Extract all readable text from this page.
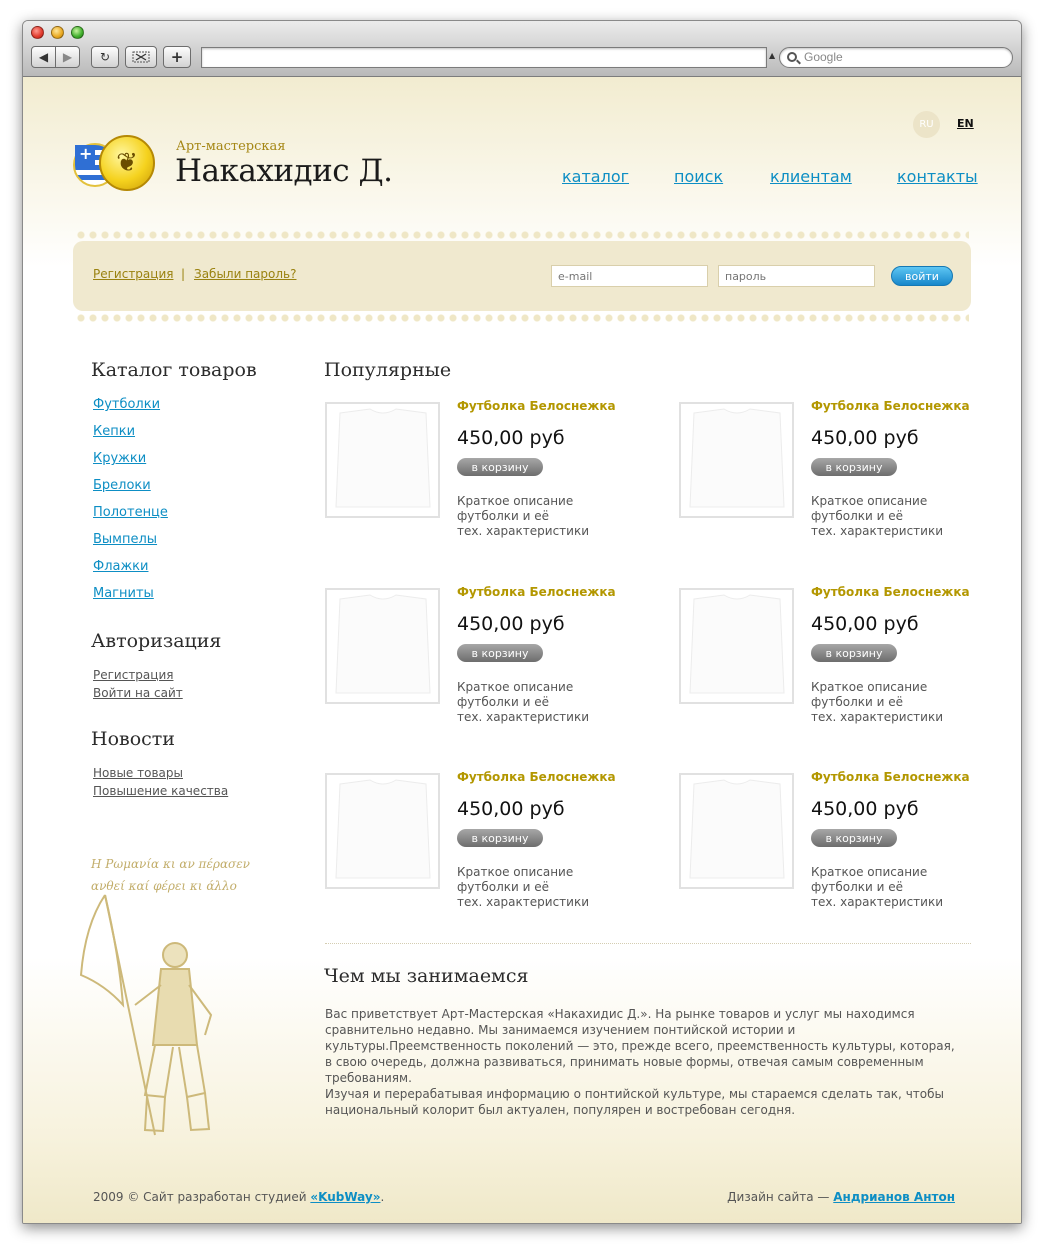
◀ ▶ ↻	+	▲	Google
+
❦
Арт-мастерская
Накахидис Д.
RU	EN
каталог	поиск	клиентам	контакты
Регистрация | Забыли пароль?
e-mail
пароль	войти
Каталог товаров
Футболки
Кепки
Кружки
Брелоки
Полотенце
Вымпелы
Флажки
Магниты
Авторизация
Регистрация
Войти на сайт
Новости
Новые товары
Повышение качества
Η Ρωμανία κι αν πέρασεν
ανθεί καί φέρει κι άλλο
Популярные
Футболка Белоснежка
450,00 руб
в корзину
Краткое описание
футболки и её
тех. характеристики
Футболка Белоснежка
450,00 руб
в корзину
Краткое описание
футболки и её
тех. характеристики
Футболка Белоснежка
450,00 руб
в корзину
Краткое описание
футболки и её
тех. характеристики
Футболка Белоснежка
450,00 руб
в корзину
Краткое описание
футболки и её
тех. характеристики
Футболка Белоснежка
450,00 руб
в корзину
Краткое описание
футболки и её
тех. характеристики
Футболка Белоснежка
450,00 руб
в корзину
Краткое описание
футболки и её
тех. характеристики
Чем мы занимаемся

Вас приветствует Арт-Мастерская «Накахидис Д.». На рынке товаров и услуг мы находимся сравнительно недавно. Мы занимаемся изучением понтийской истории и культуры.Преемственность поколений — это, прежде всего, преемственность культуры, которая, в свою очередь, должна развиваться, принимать новые формы, отвечая самым современным требованиям.

Изучая и перерабатывая информацию о понтийской культуре, мы стараемся сделать так, чтобы национальный колорит был актуален, популярен и востребован сегодня.

2009 © Сайт разработан студией «KubWay».	Дизайн сайта — Андрианов Антон
